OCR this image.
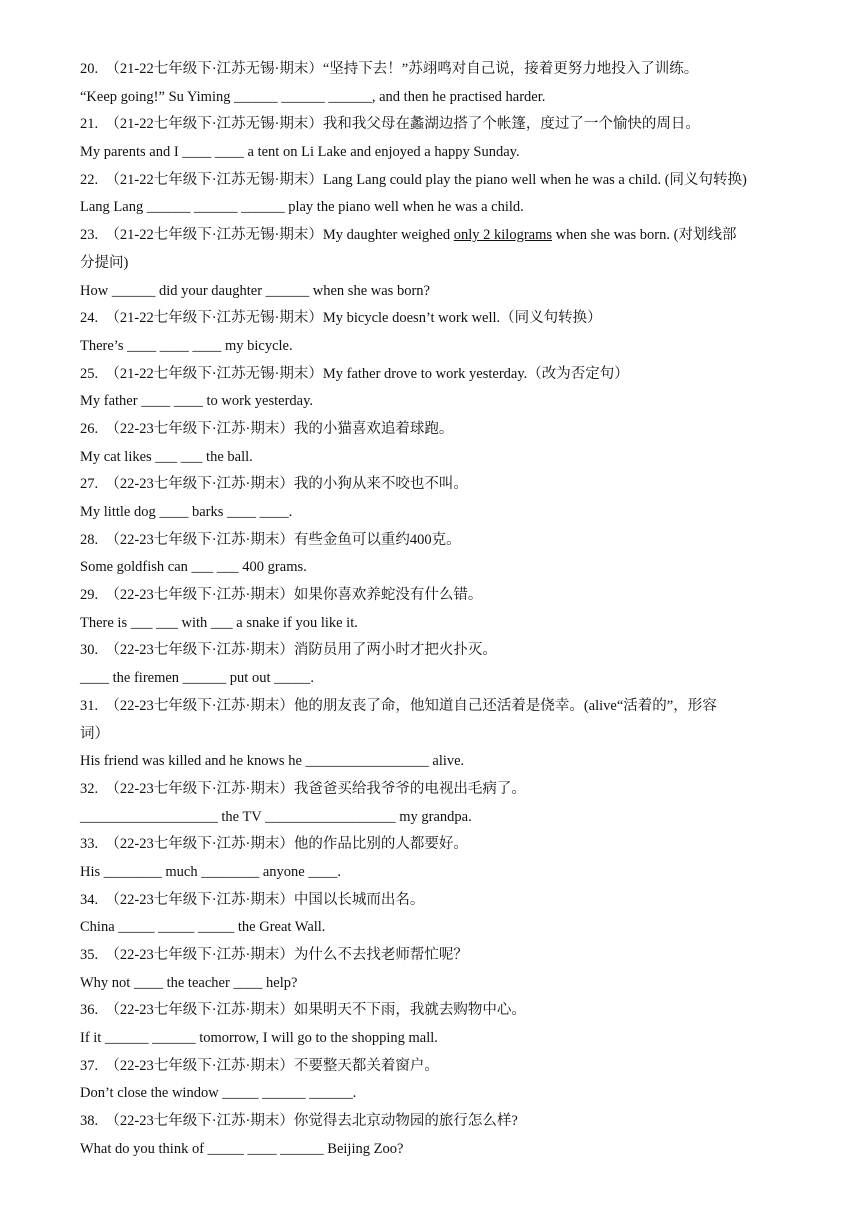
20.　（21-22七年级下·江苏无锡·期末）“坚持下去！”苏翊鸣对自己说，接着更努力地投入了训练。
“Keep going!” Su Yiming ______ ______ ______, and then he practised harder.
21.　（21-22七年级下·江苏无锡·期末）我和我父母在蠡湖边搭了个帐篷，度过了一个愉快的周日。
My parents and I ____ ____ a tent on Li Lake and enjoyed a happy Sunday.
22.　（21-22七年级下·江苏无锡·期末）Lang Lang could play the piano well when he was a child. (同义句转换)
Lang Lang ______ ______ ______ play the piano well when he was a child.
23.　（21-22七年级下·江苏无锡·期末）My daughter weighed only 2 kilograms when she was born. (对划线部
分提问)
How ______ did your daughter ______ when she was born?
24.　（21-22七年级下·江苏无锡·期末）My bicycle doesn’t work well.（同义句转换）
There’s ____ ____ ____ my bicycle.
25.　（21-22七年级下·江苏无锡·期末）My father drove to work yesterday.（改为否定句）
My father ____ ____ to work yesterday.
26.　（22-23七年级下·江苏·期末）我的小猫喜欢追着球跑。
My cat likes ___ ___ the ball.
27.　（22-23七年级下·江苏·期末）我的小狗从来不咬也不叫。
My little dog ____ barks ____ ____.
28.　（22-23七年级下·江苏·期末）有些金鱼可以重约400克。
Some goldfish can ___ ___ 400 grams.
29.　（22-23七年级下·江苏·期末）如果你喜欢养蛇没有什么错。
There is ___ ___ with ___ a snake if you like it.
30.　（22-23七年级下·江苏·期末）消防员用了两小时才把火扑灭。
____ the firemen ______ put out _____.
31.　（22-23七年级下·江苏·期末）他的朋友丧了命，他知道自己还活着是侥幸。(alive“活着的”，形容
词）
His friend was killed and he knows he _________________ alive.
32.　（22-23七年级下·江苏·期末）我爸爸买给我爷爷的电视出毛病了。
___________________ the TV __________________ my grandpa.
33.　（22-23七年级下·江苏·期末）他的作品比别的人都要好。
His ________ much ________ anyone ____.
34.　（22-23七年级下·江苏·期末）中国以长城而出名。
China _____ _____ _____ the Great Wall.
35.　（22-23七年级下·江苏·期末）为什么不去找老师帮忙呢？
Why not ____ the teacher ____ help?
36.　（22-23七年级下·江苏·期末）如果明天不下雨，我就去购物中心。
If it ______ ______ tomorrow, I will go to the shopping mall.
37.　（22-23七年级下·江苏·期末）不要整天都关着窗户。
Don’t close the window _____ ______ ______.
38.　（22-23七年级下·江苏·期末）你觉得去北京动物园的旅行怎么样?
What do you think of _____ ____ ______ Beijing Zoo?
